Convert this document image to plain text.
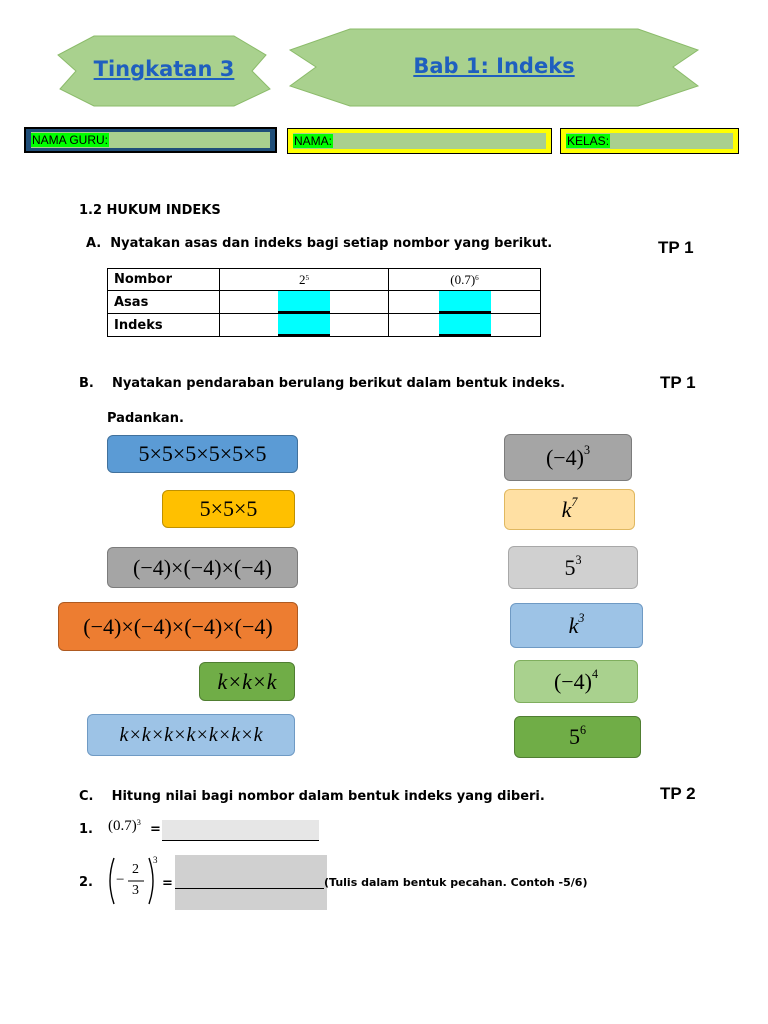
Tingkatan 3	Bab 1: Indeks
NAMA GURU:	NAMA:	KELAS:
1.2 HUKUM INDEKS
A.  Nyatakan asas dan indeks bagi setiap nombor yang berikut.	TP 1
Nombor	$2^5$	$(0.7)^6$
Asas		
Indeks		
B.    Nyatakan pendaraban berulang berikut dalam bentuk indeks.	TP 1
Padankan.
5×5×5×5×5×5
5×5×5
(−4)×(−4)×(−4)
(−4)×(−4)×(−4)×(−4)
k×k×k
k×k×k×k×k×k×k
$(-4)^3$
$k^7$
$5^3$
$k^3$
$(-4)^4$
$5^6$
C.    Hitung nilai bagi nombor dalam bentuk indeks yang diberi.	TP 2
1. $(0.7)^3$ =
2. −
2
3
3
=	(Tulis dalam bentuk pecahan. Contoh -5/6)
